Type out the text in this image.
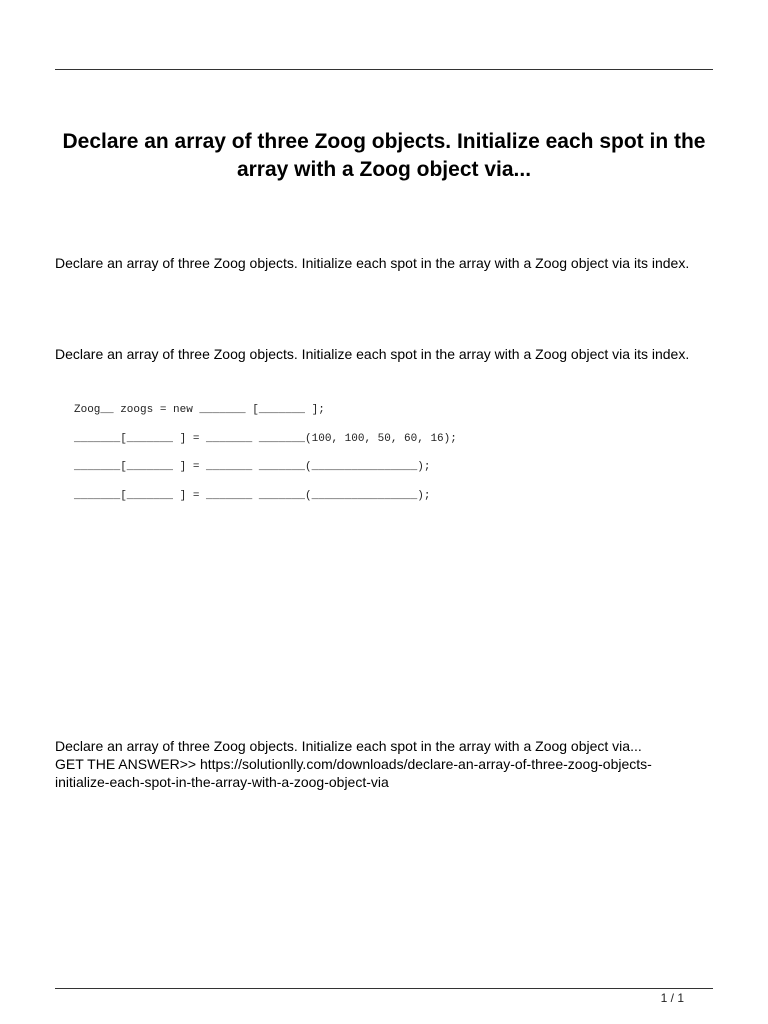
Declare an array of three Zoog objects. Initialize each spot in the array with a Zoog object via...

Declare an array of three Zoog objects. Initialize each spot in the array with a Zoog object via its index.

Declare an array of three Zoog objects. Initialize each spot in the array with a Zoog object via its index.

Zoog__ zoogs = new _______ [_______ ];
_______[_______ ] = _______ _______(100, 100, 50, 60, 16);
_______[_______ ] = _______ _______(________________);
_______[_______ ] = _______ _______(________________);

Declare an array of three Zoog objects. Initialize each spot in the array with a Zoog object via...
GET THE ANSWER>> https://solutionlly.com/downloads/declare-an-array-of-three-zoog-objects-
initialize-each-spot-in-the-array-with-a-zoog-object-via

1 / 1
